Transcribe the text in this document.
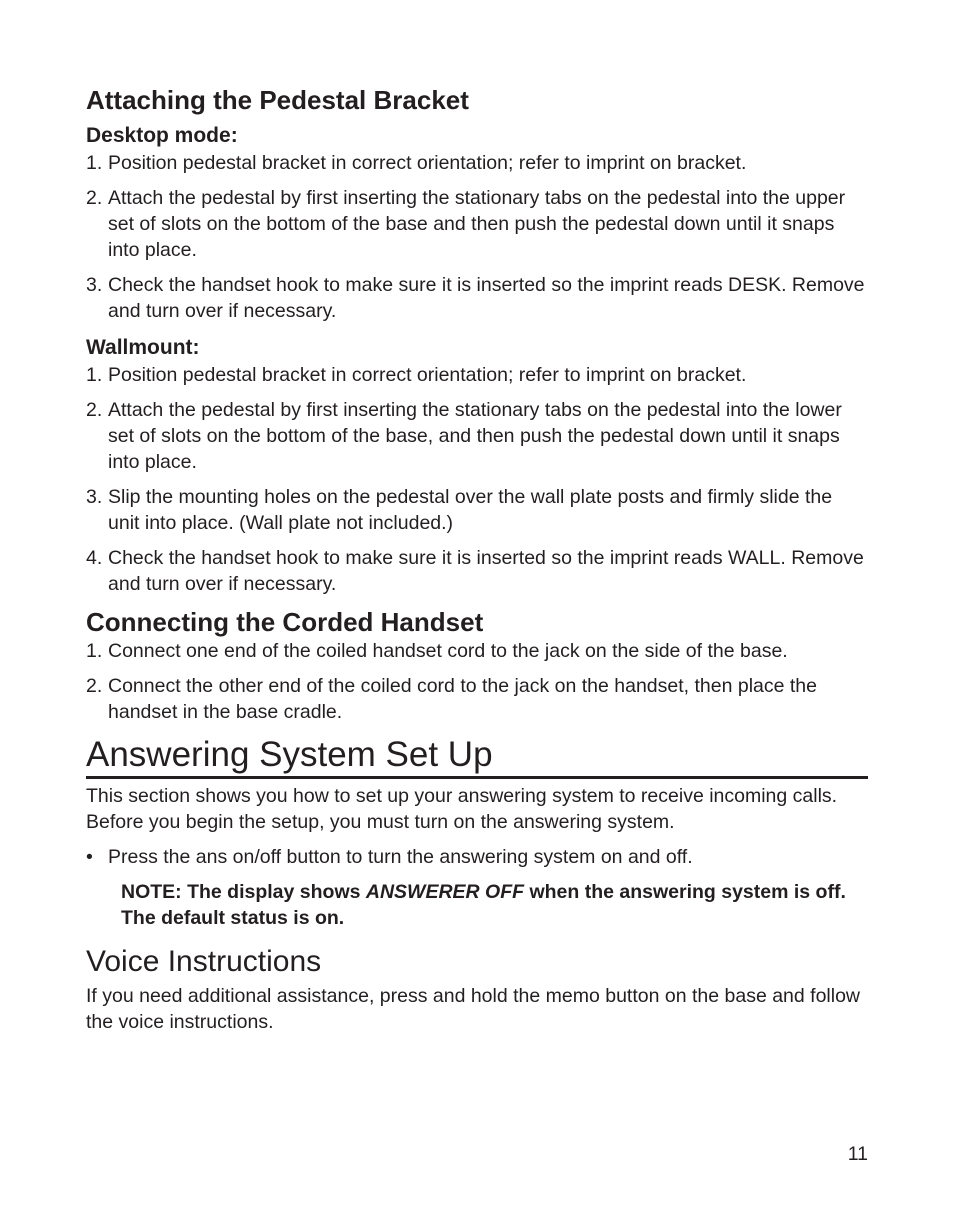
Attaching the Pedestal Bracket
Desktop mode:
1. Position pedestal bracket in correct orientation; refer to imprint on bracket.
2. Attach the pedestal by first inserting the stationary tabs on the pedestal into the upper set of slots on the bottom of the base and then push the pedestal down until it snaps into place.
3. Check the handset hook to make sure it is inserted so the imprint reads DESK. Remove and turn over if necessary.
Wallmount:
1. Position pedestal bracket in correct orientation; refer to imprint on bracket.
2. Attach the pedestal by first inserting the stationary tabs on the pedestal into the lower set of slots on the bottom of the base, and then push the pedestal down until it snaps into place.
3. Slip the mounting holes on the pedestal over the wall plate posts and firmly slide the unit into place. (Wall plate not included.)
4. Check the handset hook to make sure it is inserted so the imprint reads WALL. Remove and turn over if necessary.
Connecting the Corded Handset
1. Connect one end of the coiled handset cord to the jack on the side of the base.
2. Connect the other end of the coiled cord to the jack on the handset, then place the handset in the base cradle.
Answering System Set Up

This section shows you how to set up your answering system to receive incoming calls. Before you begin the setup, you must turn on the answering system.

• Press the ans on/off button to turn the answering system on and off.
NOTE: The display shows ANSWERER OFF when the answering system is off. The default status is on.
Voice Instructions

If you need additional assistance, press and hold the memo button on the base and follow the voice instructions.

11
